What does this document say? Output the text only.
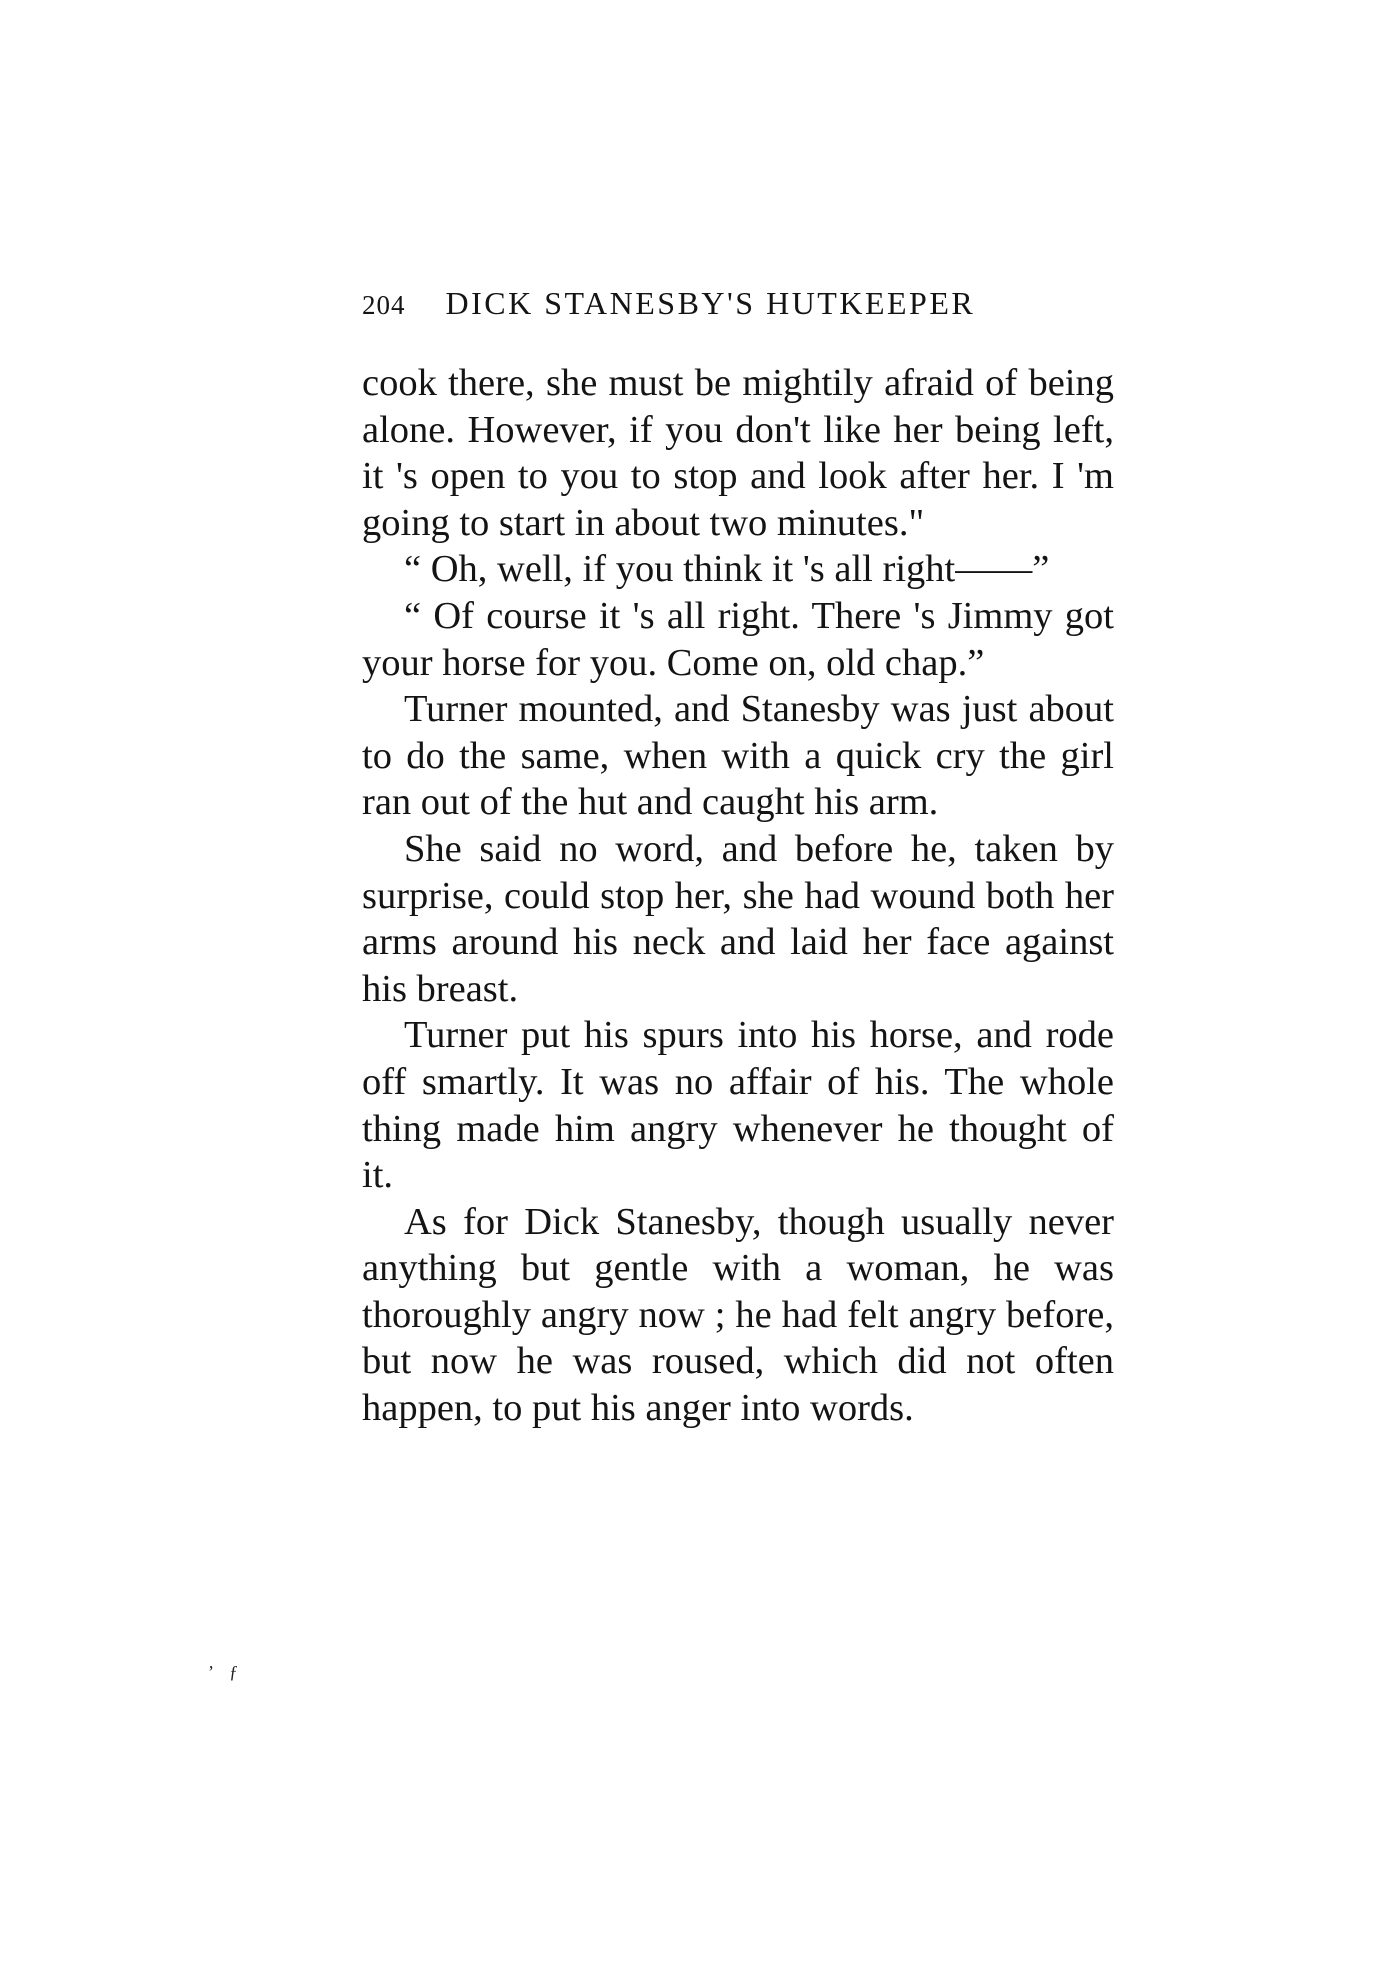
204 DICK STANESBY'S HUTKEEPER

cook there, she must be mightily afraid of being alone. However, if you don't like her being left, it 's open to you to stop and look after her. I 'm going to start in about two minutes."

“ Oh, well, if you think it 's all right——”

“ Of course it 's all right. There 's Jimmy got your horse for you. Come on, old chap.”

Turner mounted, and Stanesby was just about to do the same, when with a quick cry the girl ran out of the hut and caught his arm.

She said no word, and before he, taken by surprise, could stop her, she had wound both her arms around his neck and laid her face against his breast.

Turner put his spurs into his horse, and rode off smartly. It was no affair of his. The whole thing made him angry whenever he thought of it.

As for Dick Stanesby, though usually never anything but gentle with a woman, he was thoroughly angry now ; he had felt angry before, but now he was roused, which did not often happen, to put his anger into words.

’ ƒ
